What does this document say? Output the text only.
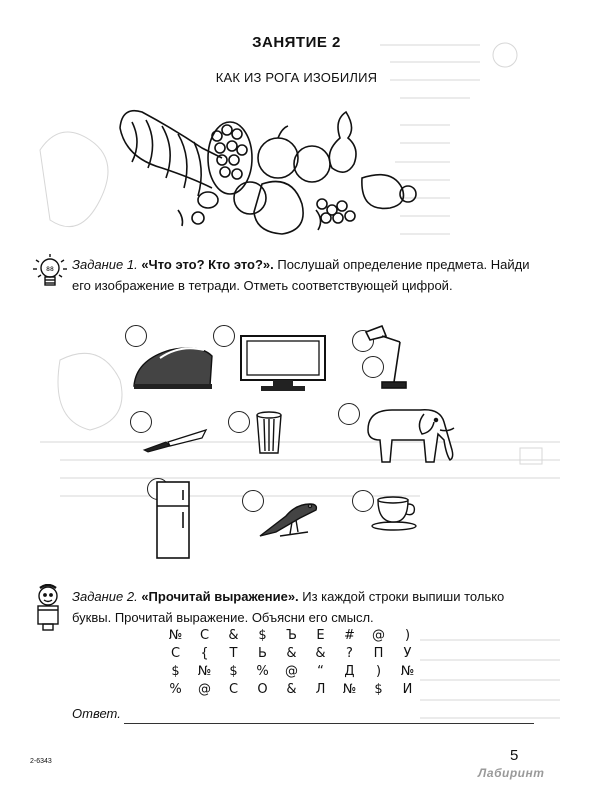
ЗАНЯТИЕ 2
КАК ИЗ РОГА ИЗОБИЛИЯ
88 Задание 1. «Что это? Кто это?». Послушай определение предмета. Найди его изображение в тетради. Отметь соответствующей цифрой.
Задание 2. «Прочитай выражение». Из каждой строки выпиши только буквы. Прочитай выражение. Объясни его смысл.
№	С	&	$	Ъ	Е	#	@	)
С	{	Т	Ь	&	&	?	П	У
$	№	$	%	@	“	Д	)	№
%	@	С	О	&	Л	№	$	И
Ответ.
2-6343	5
Лабиринт
